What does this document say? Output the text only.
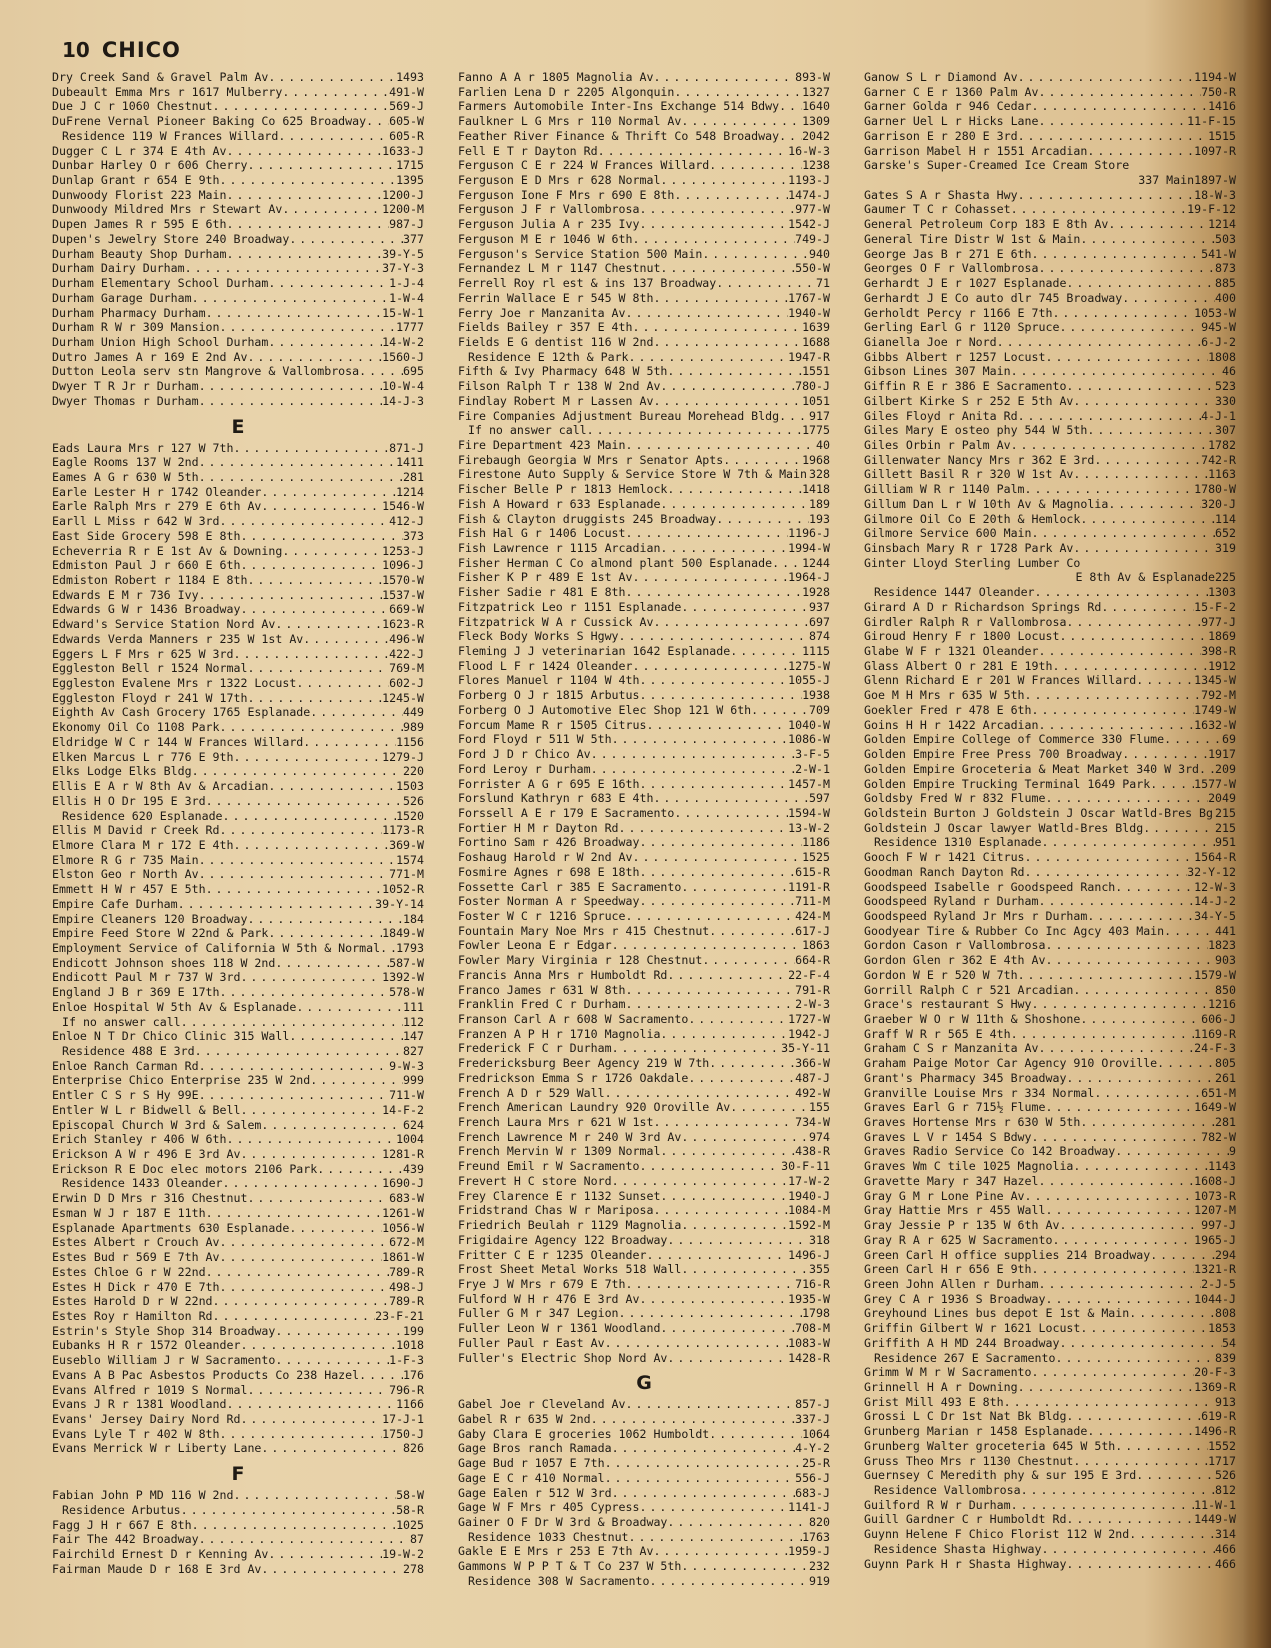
10 CHICO
Dry Creek Sand & Gravel Palm Av . . .	1493
Dubeault Emma Mrs r 1617 Mulberry . . .	491-W
Due J C r 1060 Chestnut . . .	569-J
DuFrene Vernal Pioneer Baking Co 625 Broadway . . . 605-W
Residence 119 W Frances Willard . . .	605-R
Dugger C L r 374 E 4th Av . . .	1633-J
Dunbar Harley O r 606 Cherry . . .	1715
Dunlap Grant r 654 E 9th . . .	1395
Dunwoody Florist 223 Main . . .	1200-J
Dunwoody Mildred Mrs r Stewart Av . . .	1200-M
Dupen James R r 595 E 6th . . .	987-J
Dupen's Jewelry Store 240 Broadway . . .	377
Durham Beauty Shop Durham . . .	39-Y-5
Durham Dairy Durham . . .	37-Y-3
Durham Elementary School Durham . . .	1-J-4
Durham Garage Durham . . .	1-W-4
Durham Pharmacy Durham . . .	15-W-1
Durham R W r 309 Mansion . . .	1777
Durham Union High School Durham . . .	14-W-2
Dutro James A r 169 E 2nd Av . . .	1560-J
Dutton Leola serv stn Mangrove & Vallombrosa . . .	695
Dwyer T R Jr r Durham . . .	10-W-4
Dwyer Thomas r Durham . . .	14-J-3
E
Eads Laura Mrs r 127 W 7th . . .	871-J
Eagle Rooms 137 W 2nd . . .	1411
Eames A G r 630 W 5th . . .	281
Earle Lester H r 1742 Oleander . . .	1214
Earle Ralph Mrs r 279 E 6th Av . . .	1546-W
Earll L Miss r 642 W 3rd . . .	412-J
East Side Grocery 598 E 8th . . .	373
Echeverria R r E 1st Av & Downing . . .	1253-J
Edmiston Paul J r 660 E 6th . . .	1096-J
Edmiston Robert r 1184 E 8th . . .	1570-W
Edwards E M r 736 Ivy . . .	1537-W
Edwards G W r 1436 Broadway . . .	669-W
Edward's Service Station Nord Av . . .	1623-R
Edwards Verda Manners r 235 W 1st Av . . .	496-W
Eggers L F Mrs r 625 W 3rd . . .	422-J
Eggleston Bell r 1524 Normal . . .	769-M
Eggleston Evalene Mrs r 1322 Locust . . .	602-J
Eggleston Floyd r 241 W 17th . . .	1245-W
Eighth Av Cash Grocery 1765 Esplanade . . .	449
Ekonomy Oil Co 1108 Park . . .	989
Eldridge W C r 144 W Frances Willard . . .	1156
Elken Marcus L r 776 E 9th . . .	1279-J
Elks Lodge Elks Bldg . . .	220
Ellis E A r W 8th Av & Arcadian . . .	1503
Ellis H O Dr 195 E 3rd . . .	526
Residence 620 Esplanade . . .	1520
Ellis M David r Creek Rd . . .	1173-R
Elmore Clara M r 172 E 4th . . .	369-W
Elmore R G r 735 Main . . .	1574
Elston Geo r North Av . . .	771-M
Emmett H W r 457 E 5th . . .	1052-R
Empire Cafe Durham . . .	39-Y-14
Empire Cleaners 120 Broadway . . .	184
Empire Feed Store W 22nd & Park . . .	1849-W
Employment Service of California W 5th & Normal . . . 1793
Endicott Johnson shoes 118 W 2nd . . .	587-W
Endicott Paul M r 737 W 3rd . . .	1392-W
England J B r 369 E 17th . . .	578-W
Enloe Hospital W 5th Av & Esplanade . . .	111
If no answer call . . .	112
Enloe N T Dr Chico Clinic 315 Wall . . .	147
Residence 488 E 3rd . . .	827
Enloe Ranch Carman Rd . . .	9-W-3
Enterprise Chico Enterprise 235 W 2nd . . .	999
Entler C S r S Hy 99E . . .	711-W
Entler W L r Bidwell & Bell . . .	14-F-2
Episcopal Church W 3rd & Salem . . .	624
Erich Stanley r 406 W 6th . . .	1004
Erickson A W r 496 E 3rd Av . . .	1281-R
Erickson R E Doc elec motors 2106 Park . . .	439
Residence 1433 Oleander . . .	1690-J
Erwin D D Mrs r 316 Chestnut . . .	683-W
Esman W J r 187 E 11th . . .	1261-W
Esplanade Apartments 630 Esplanade . . .	1056-W
Estes Albert r Crouch Av . . .	672-M
Estes Bud r 569 E 7th Av . . .	1861-W
Estes Chloe G r W 22nd . . .	789-R
Estes H Dick r 470 E 7th . . .	498-J
Estes Harold D r W 22nd . . .	789-R
Estes Roy r Hamilton Rd . . .	23-F-21
Estrin's Style Shop 314 Broadway . . .	199
Eubanks H R r 1572 Oleander . . .	1018
Euseblo William J r W Sacramento . . .	1-F-3
Evans A B Pac Asbestos Products Co 238 Hazel . . .	176
Evans Alfred r 1019 S Normal . . .	796-R
Evans J R r 1381 Woodland . . .	1166
Evans' Jersey Dairy Nord Rd . . .	17-J-1
Evans Lyle T r 402 W 8th . . .	1750-J
Evans Merrick W r Liberty Lane . . .	826
F
Fabian John P MD 116 W 2nd . . .	58-W
Residence Arbutus . . .	58-R
Fagg J H r 667 E 8th . . .	1025
Fair The 442 Broadway . . .	87
Fairchild Ernest D r Kenning Av . . .	19-W-2
Fairman Maude D r 168 E 3rd Av . . .	278
Fanno A A r 1805 Magnolia Av . . .	893-W
Farlien Lena D r 2205 Algonquin . . .	1327
Farmers Automobile Inter-Ins Exchange 514 Bdwy . . . 1640
Faulkner L G Mrs r 110 Normal Av . . .	1309
Feather River Finance & Thrift Co 548 Broadway . . . 2042
Fell E T r Dayton Rd . . .	16-W-3
Ferguson C E r 224 W Frances Willard . . .	1238
Ferguson E D Mrs r 628 Normal . . .	1193-J
Ferguson Ione F Mrs r 690 E 8th . . .	1474-J
Ferguson J F r Vallombrosa . . .	977-W
Ferguson Julia A r 235 Ivy . . .	1542-J
Ferguson M E r 1046 W 6th . . .	749-J
Ferguson's Service Station 500 Main . . .	940
Fernandez L M r 1147 Chestnut . . .	550-W
Ferrell Roy rl est & ins 137 Broadway . . .	71
Ferrin Wallace E r 545 W 8th . . .	1767-W
Ferry Joe r Manzanita Av . . .	1940-W
Fields Bailey r 357 E 4th . . .	1639
Fields E G dentist 116 W 2nd . . .	1688
Residence E 12th & Park . . .	1947-R
Fifth & Ivy Pharmacy 648 W 5th . . .	1551
Filson Ralph T r 138 W 2nd Av . . .	780-J
Findlay Robert M r Lassen Av . . .	1051
Fire Companies Adjustment Bureau Morehead Bldg . . .	917
If no answer call . . .	1775
Fire Department 423 Main . . .	40
Firebaugh Georgia W Mrs r Senator Apts . . .	1968
Firestone Auto Supply & Service Store W 7th & Main . . . 328
Fischer Belle P r 1813 Hemlock . . .	1418
Fish A Howard r 633 Esplanade . . .	189
Fish & Clayton druggists 245 Broadway . . .	193
Fish Hal G r 1406 Locust . . .	1196-J
Fish Lawrence r 1115 Arcadian . . .	1994-W
Fisher Herman C Co almond plant 500 Esplanade . . .	1244
Fisher K P r 489 E 1st Av . . .	1964-J
Fisher Sadie r 481 E 8th . . .	1928
Fitzpatrick Leo r 1151 Esplanade . . .	937
Fitzpatrick W A r Cussick Av . . .	697
Fleck Body Works S Hgwy . . .	874
Fleming J J veterinarian 1642 Esplanade . . .	1115
Flood L F r 1424 Oleander . . .	1275-W
Flores Manuel r 1104 W 4th . . .	1055-J
Forberg O J r 1815 Arbutus . . .	1938
Forberg O J Automotive Elec Shop 121 W 6th . . .	709
Forcum Mame R r 1505 Citrus . . .	1040-W
Ford Floyd r 511 W 5th . . .	1086-W
Ford J D r Chico Av . . .	3-F-5
Ford Leroy r Durham . . .	2-W-1
Forrister A G r 695 E 16th . . .	1457-M
Forslund Kathryn r 683 E 4th . . .	597
Forssell A E r 179 E Sacramento . . .	1594-W
Fortier H M r Dayton Rd . . .	13-W-2
Fortino Sam r 426 Broadway . . .	1186
Foshaug Harold r W 2nd Av . . .	1525
Fosmire Agnes r 698 E 18th . . .	615-R
Fossette Carl r 385 E Sacramento . . .	1191-R
Foster Norman A r Speedway . . .	711-M
Foster W C r 1216 Spruce . . .	424-M
Fountain Mary Noe Mrs r 415 Chestnut . . .	617-J
Fowler Leona E r Edgar . . .	1863
Fowler Mary Virginia r 128 Chestnut . . .	664-R
Francis Anna Mrs r Humboldt Rd . . .	22-F-4
Franco James r 631 W 8th . . .	791-R
Franklin Fred C r Durham . . .	2-W-3
Franson Carl A r 608 W Sacramento . . .	1727-W
Franzen A P H r 1710 Magnolia . . .	1942-J
Frederick F C r Durham . . .	35-Y-11
Fredericksburg Beer Agency 219 W 7th . . .	366-W
Fredrickson Emma S r 1726 Oakdale . . .	487-J
French A D r 529 Wall . . .	492-W
French American Laundry 920 Oroville Av . . .	155
French Laura Mrs r 621 W 1st . . .	734-W
French Lawrence M r 240 W 3rd Av . . .	974
French Mervin W r 1309 Normal . . .	438-R
Freund Emil r W Sacramento . . .	30-F-11
Frevert H C store Nord . . .	17-W-2
Frey Clarence E r 1132 Sunset . . .	1940-J
Fridstrand Chas W r Mariposa . . .	1084-M
Friedrich Beulah r 1129 Magnolia . . .	1592-M
Frigidaire Agency 122 Broadway . . .	318
Fritter C E r 1235 Oleander . . .	1496-J
Frost Sheet Metal Works 518 Wall . . .	355
Frye J W Mrs r 679 E 7th . . .	716-R
Fulford W H r 476 E 3rd Av . . .	1935-W
Fuller G M r 347 Legion . . .	1798
Fuller Leon W r 1361 Woodland . . .	708-M
Fuller Paul r East Av . . .	1083-W
Fuller's Electric Shop Nord Av . . .	1428-R
G
Gabel Joe r Cleveland Av . . .	857-J
Gabel R r 635 W 2nd . . .	337-J
Gaby Clara E groceries 1062 Humboldt . . .	1064
Gage Bros ranch Ramada . . .	4-Y-2
Gage Bud r 1057 E 7th . . .	25-R
Gage E C r 410 Normal . . .	556-J
Gage Ealen r 512 W 3rd . . .	683-J
Gage W F Mrs r 405 Cypress . . .	1141-J
Gainer O F Dr W 3rd & Broadway . . .	820
Residence 1033 Chestnut . . .	1763
Gakle E E Mrs r 253 E 7th Av . . .	1959-J
Gammons W P P T & T Co 237 W 5th . . .	232
Residence 308 W Sacramento . . .	919
Ganow S L r Diamond Av . . .	1194-W
Garner C E r 1360 Palm Av . . .	750-R
Garner Golda r 946 Cedar . . .	1416
Garner Uel L r Hicks Lane . . .	11-F-15
Garrison E r 280 E 3rd . . .	1515
Garrison Mabel H r 1551 Arcadian . . .	1097-R
Garske's Super-Creamed Ice Cream Store
337 Main 1897-W
Gates S A r Shasta Hwy . . .	18-W-3
Gaumer T C r Cohasset . . .	19-F-12
General Petroleum Corp 183 E 8th Av . . .	1214
General Tire Distr W 1st & Main . . .	503
George Jas B r 271 E 6th . . .	541-W
Georges O F r Vallombrosa . . .	873
Gerhardt J E r 1027 Esplanade . . .	885
Gerhardt J E Co auto dlr 745 Broadway . . .	400
Gerholdt Percy r 1166 E 7th . . .	1053-W
Gerling Earl G r 1120 Spruce . . .	945-W
Gianella Joe r Nord . . .	6-J-2
Gibbs Albert r 1257 Locust . . .	1808
Gibson Lines 307 Main . . .	46
Giffin R E r 386 E Sacramento . . .	523
Gilbert Kirke S r 252 E 5th Av . . .	330
Giles Floyd r Anita Rd . . .	4-J-1
Giles Mary E osteo phy 544 W 5th . . .	307
Giles Orbin r Palm Av . . .	1782
Gillenwater Nancy Mrs r 362 E 3rd . . .	742-R
Gillett Basil R r 320 W 1st Av . . .	1163
Gilliam W R r 1140 Palm . . .	1780-W
Gillum Dan L r W 10th Av & Magnolia . . .	320-J
Gilmore Oil Co E 20th & Hemlock . . .	114
Gilmore Service 600 Main . . .	652
Ginsbach Mary R r 1728 Park Av . . .	319
Ginter Lloyd Sterling Lumber Co
E 8th Av & Esplanade 225
Residence 1447 Oleander . . .	1303
Girard A D r Richardson Springs Rd . . .	15-F-2
Girdler Ralph R r Vallombrosa . . .	977-J
Giroud Henry F r 1800 Locust . . .	1869
Glabe W F r 1321 Oleander . . .	398-R
Glass Albert O r 281 E 19th . . .	1912
Glenn Richard E r 201 W Frances Willard . . .	1345-W
Goe M H Mrs r 635 W 5th . . .	792-M
Goekler Fred r 478 E 6th . . .	1749-W
Goins H H r 1422 Arcadian . . .	1632-W
Golden Empire College of Commerce 330 Flume . . .	69
Golden Empire Free Press 700 Broadway . . .	1917
Golden Empire Groceteria & Meat Market 340 W 3rd . . . 209
Golden Empire Trucking Terminal 1649 Park . . .	1577-W
Goldsby Fred W r 832 Flume . . .	2049
Goldstein Burton J Goldstein J Oscar Watld-Bres Bg . . . 215
Goldstein J Oscar lawyer Watld-Bres Bldg . . .	215
Residence 1310 Esplanade . . .	951
Gooch F W r 1421 Citrus . . .	1564-R
Goodman Ranch Dayton Rd . . .	32-Y-12
Goodspeed Isabelle r Goodspeed Ranch . . .	12-W-3
Goodspeed Ryland r Durham . . .	14-J-2
Goodspeed Ryland Jr Mrs r Durham . . .	34-Y-5
Goodyear Tire & Rubber Co Inc Agcy 403 Main . . .	441
Gordon Cason r Vallombrosa . . .	1823
Gordon Glen r 362 E 4th Av . . .	903
Gordon W E r 520 W 7th . . .	1579-W
Gorrill Ralph C r 521 Arcadian . . .	850
Grace's restaurant S Hwy . . .	1216
Graeber W O r W 11th & Shoshone . . .	606-J
Graff W R r 565 E 4th . . .	1169-R
Graham C S r Manzanita Av . . .	24-F-3
Graham Paige Motor Car Agency 910 Oroville . . .	805
Grant's Pharmacy 345 Broadway . . .	261
Granville Louise Mrs r 334 Normal . . .	651-M
Graves Earl G r 715½ Flume . . .	1649-W
Graves Hortense Mrs r 630 W 5th . . .	281
Graves L V r 1454 S Bdwy . . .	782-W
Graves Radio Service Co 142 Broadway . . .	9
Graves Wm C tile 1025 Magnolia . . .	1143
Gravette Mary r 347 Hazel . . .	1608-J
Gray G M r Lone Pine Av . . .	1073-R
Gray Hattie Mrs r 455 Wall . . .	1207-M
Gray Jessie P r 135 W 6th Av . . .	997-J
Gray R A r 625 W Sacramento . . .	1965-J
Green Carl H office supplies 214 Broadway . . .	294
Green Carl H r 656 E 9th . . .	1321-R
Green John Allen r Durham . . .	2-J-5
Grey C A r 1936 S Broadway . . .	1044-J
Greyhound Lines bus depot E 1st & Main . . .	808
Griffin Gilbert W r 1621 Locust . . .	1853
Griffith A H MD 244 Broadway . . .	54
Residence 267 E Sacramento . . .	839
Grimm W M r W Sacramento . . .	20-F-3
Grinnell H A r Downing . . .	1369-R
Grist Mill 493 E 8th . . .	913
Grossi L C Dr 1st Nat Bk Bldg . . .	619-R
Grunberg Marian r 1458 Esplanade . . .	1496-R
Grunberg Walter groceteria 645 W 5th . . .	1552
Gruss Theo Mrs r 1130 Chestnut . . .	1717
Guernsey C Meredith phy & sur 195 E 3rd . . .	526
Residence Vallombrosa . . .	812
Guilford R W r Durham . . .	11-W-1
Guill Gardner C r Humboldt Rd . . .	1449-W
Guynn Helene F Chico Florist 112 W 2nd . . .	314
Residence Shasta Highway . . .	466
Guynn Park H r Shasta Highway . . .	466
